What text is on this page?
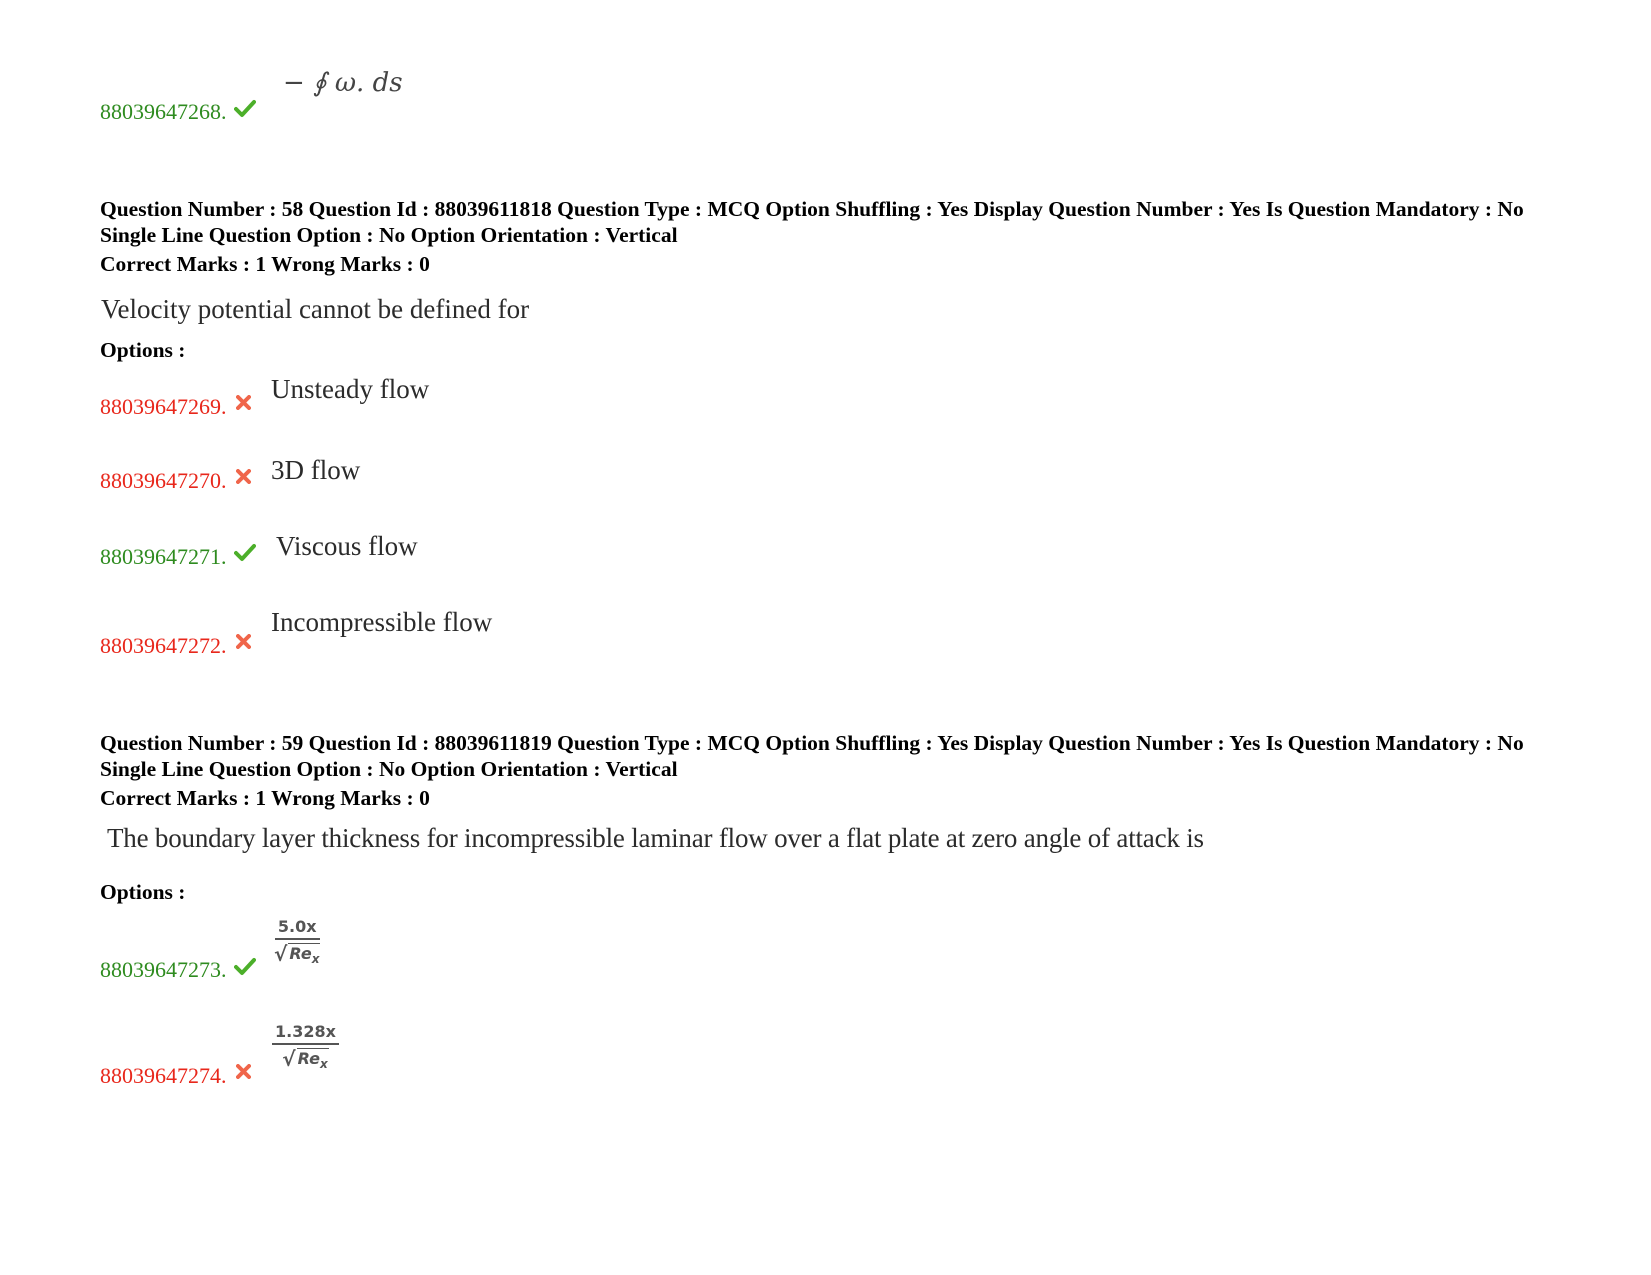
88039647268.
− ∮ ω. ds
Question Number : 58 Question Id : 88039611818 Question Type : MCQ Option Shuffling : Yes Display Question Number : Yes Is Question Mandatory : No Single Line Question Option : No Option Orientation : Vertical
Correct Marks : 1 Wrong Marks : 0
Velocity potential cannot be defined for
Options :
88039647269.
Unsteady flow
88039647270. 3D flow
88039647271. Viscous flow
88039647272.
Incompressible flow
Question Number : 59 Question Id : 88039611819 Question Type : MCQ Option Shuffling : Yes Display Question Number : Yes Is Question Mandatory : No Single Line Question Option : No Option Orientation : Vertical
Correct Marks : 1 Wrong Marks : 0
The boundary layer thickness for incompressible laminar flow over a flat plate at zero angle of attack is
Options :
88039647273.
5.0x
√ $Re_x$
88039647274.
1.328x
√ $Re_x$
